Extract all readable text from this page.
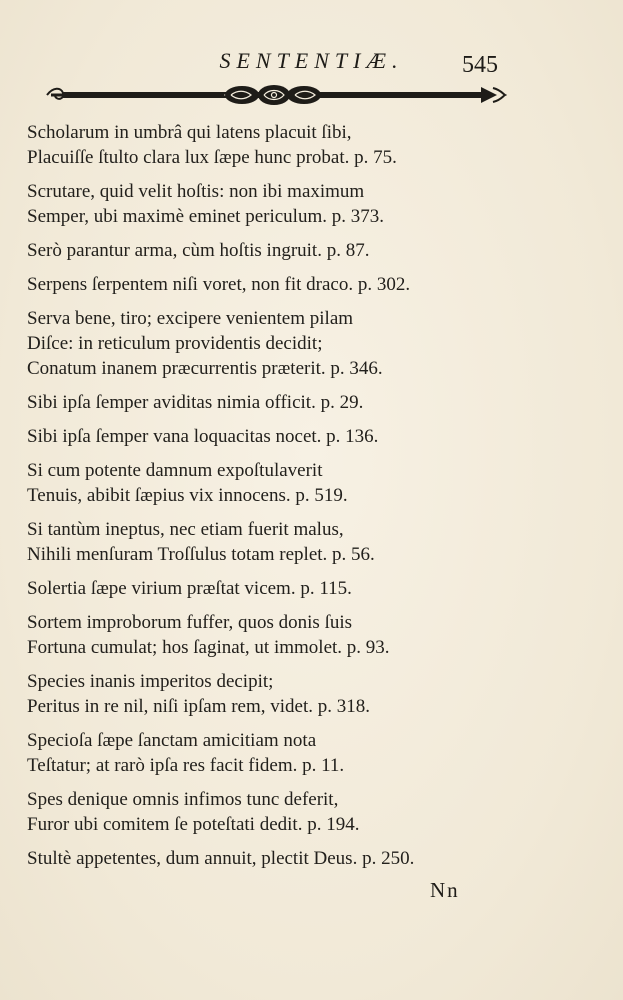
SENTENTIÆ.	545
Scholarum in umbrâ qui latens placuit ſibi,
Placuiſſe ſtulto clara lux ſæpe hunc probat. p. 75.
Scrutare, quid velit hoſtis: non ibi maximum
Semper, ubi maximè eminet periculum. p. 373.
Serò parantur arma, cùm hoſtis ingruit. p. 87.
Serpens ſerpentem niſi voret, non fit draco. p. 302.
Serva bene, tiro; excipere venientem pilam
Diſce: in reticulum providentis decidit;
Conatum inanem præcurrentis præterit. p. 346.
Sibi ipſa ſemper aviditas nimia officit. p. 29.
Sibi ipſa ſemper vana loquacitas nocet. p. 136.
Si cum potente damnum expoſtulaverit
Tenuis, abibit ſæpius vix innocens. p. 519.
Si tantùm ineptus, nec etiam fuerit malus,
Nihili menſuram Troſſulus totam replet. p. 56.
Solertia ſæpe virium præſtat vicem. p. 115.
Sortem improborum fuffer, quos donis ſuis
Fortuna cumulat; hos ſaginat, ut immolet. p. 93.
Species inanis imperitos decipit;
Peritus in re nil, niſi ipſam rem, videt. p. 318.
Specioſa ſæpe ſanctam amicitiam nota
Teſtatur; at rarò ipſa res facit fidem. p. 11.
Spes denique omnis infimos tunc deferit,
Furor ubi comitem ſe poteſtati dedit. p. 194.
Stultè appetentes, dum annuit, plectit Deus. p. 250.
Nn
